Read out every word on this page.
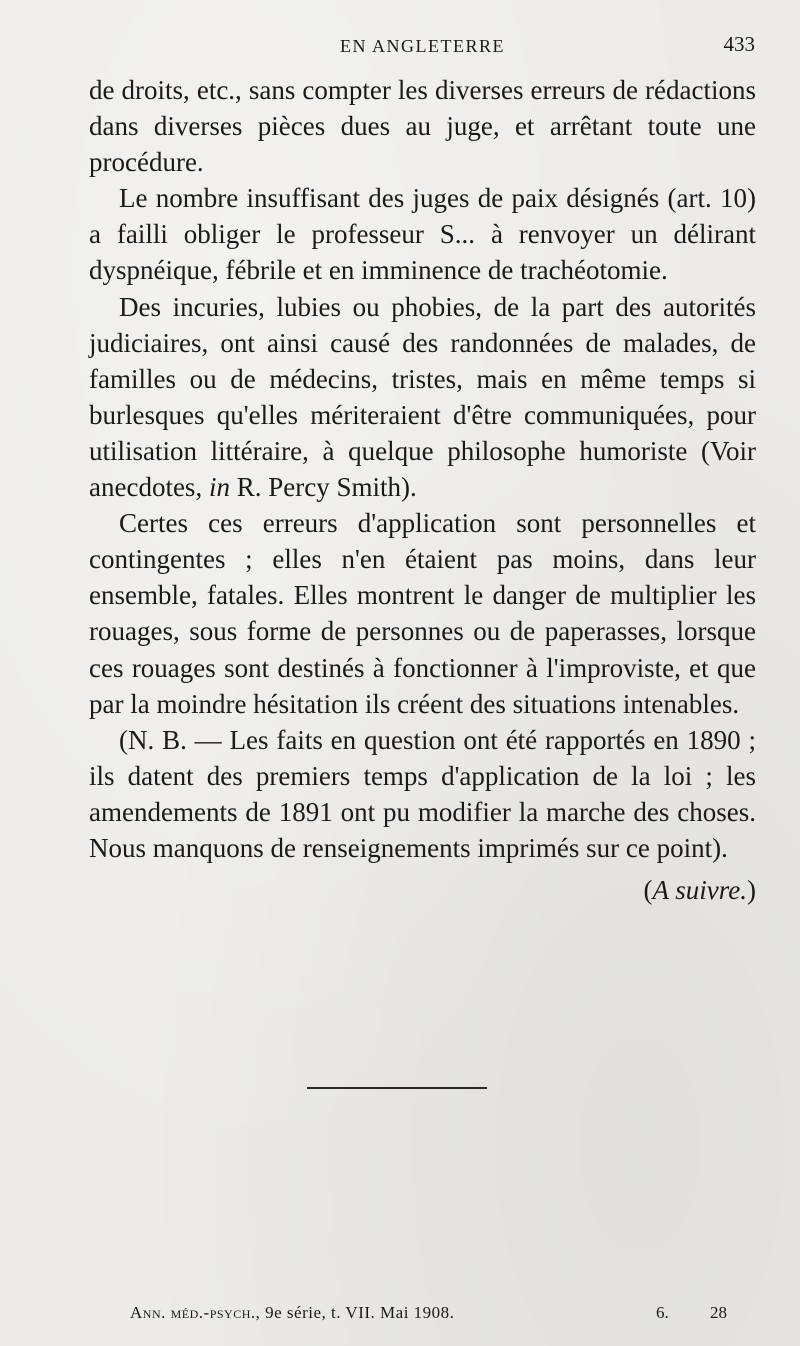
EN ANGLETERRE	433

de droits, etc., sans compter les diverses erreurs de rédactions dans diverses pièces dues au juge, et arrêtant toute une procédure.

Le nombre insuffisant des juges de paix désignés (art. 10) a failli obliger le professeur S... à renvoyer un délirant dyspnéique, fébrile et en imminence de trachéotomie.

Des incuries, lubies ou phobies, de la part des autorités judiciaires, ont ainsi causé des randonnées de malades, de familles ou de médecins, tristes, mais en même temps si burlesques qu'elles mériteraient d'être communiquées, pour utilisation littéraire, à quelque philosophe humoriste (Voir anecdotes, in R. Percy Smith).

Certes ces erreurs d'application sont personnelles et contingentes ; elles n'en étaient pas moins, dans leur ensemble, fatales. Elles montrent le danger de multiplier les rouages, sous forme de personnes ou de paperasses, lorsque ces rouages sont destinés à fonctionner à l'improviste, et que par la moindre hésitation ils créent des situations intenables.

(N. B. — Les faits en question ont été rapportés en 1890 ; ils datent des premiers temps d'application de la loi ; les amendements de 1891 ont pu modifier la marche des choses. Nous manquons de renseignements imprimés sur ce point).

(A suivre.)
Ann. méd.-psych., 9e série, t. VII. Mai 1908.	6. 28
